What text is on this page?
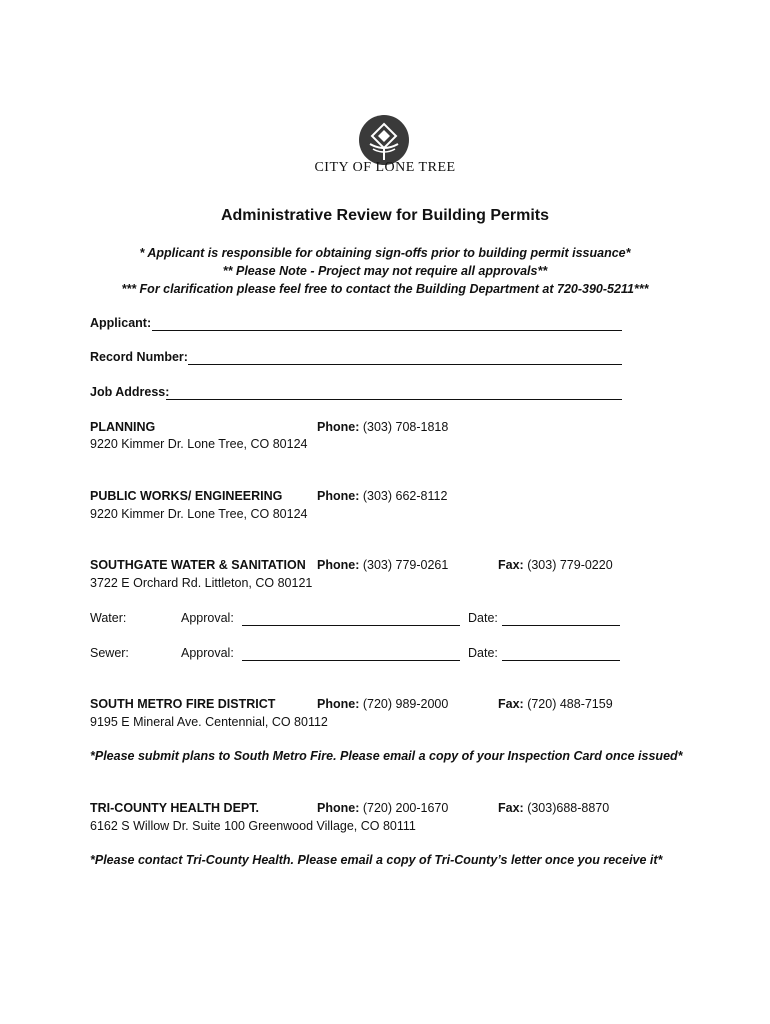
CITY OF LONE TREE
Administrative Review for Building Permits
* Applicant is responsible for obtaining sign-offs prior to building permit issuance*
** Please Note - Project may not require all approvals**
*** For clarification please feel free to contact the Building Department at 720-390-5211***
Applicant:
Record Number:
Job Address:
PLANNING	Phone: (303) 708-1818
9220 Kimmer Dr. Lone Tree, CO 80124
PUBLIC WORKS/ ENGINEERING	Phone: (303) 662-8112
9220 Kimmer Dr. Lone Tree, CO 80124
SOUTHGATE WATER & SANITATION Phone: (303) 779-0261	Fax: (303) 779-0220
3722 E Orchard Rd. Littleton, CO 80121
Water:	Approval:	Date:
Sewer:	Approval:	Date:
SOUTH METRO FIRE DISTRICT	Phone: (720) 989-2000	Fax: (720) 488-7159
9195 E Mineral Ave. Centennial, CO 80112
*Please submit plans to South Metro Fire. Please email a copy of your Inspection Card once issued*
TRI-COUNTY HEALTH DEPT.	Phone: (720) 200-1670	Fax: (303)688-8870
6162 S Willow Dr. Suite 100 Greenwood Village, CO 80111
*Please contact Tri-County Health. Please email a copy of Tri-County’s letter once you receive it*
